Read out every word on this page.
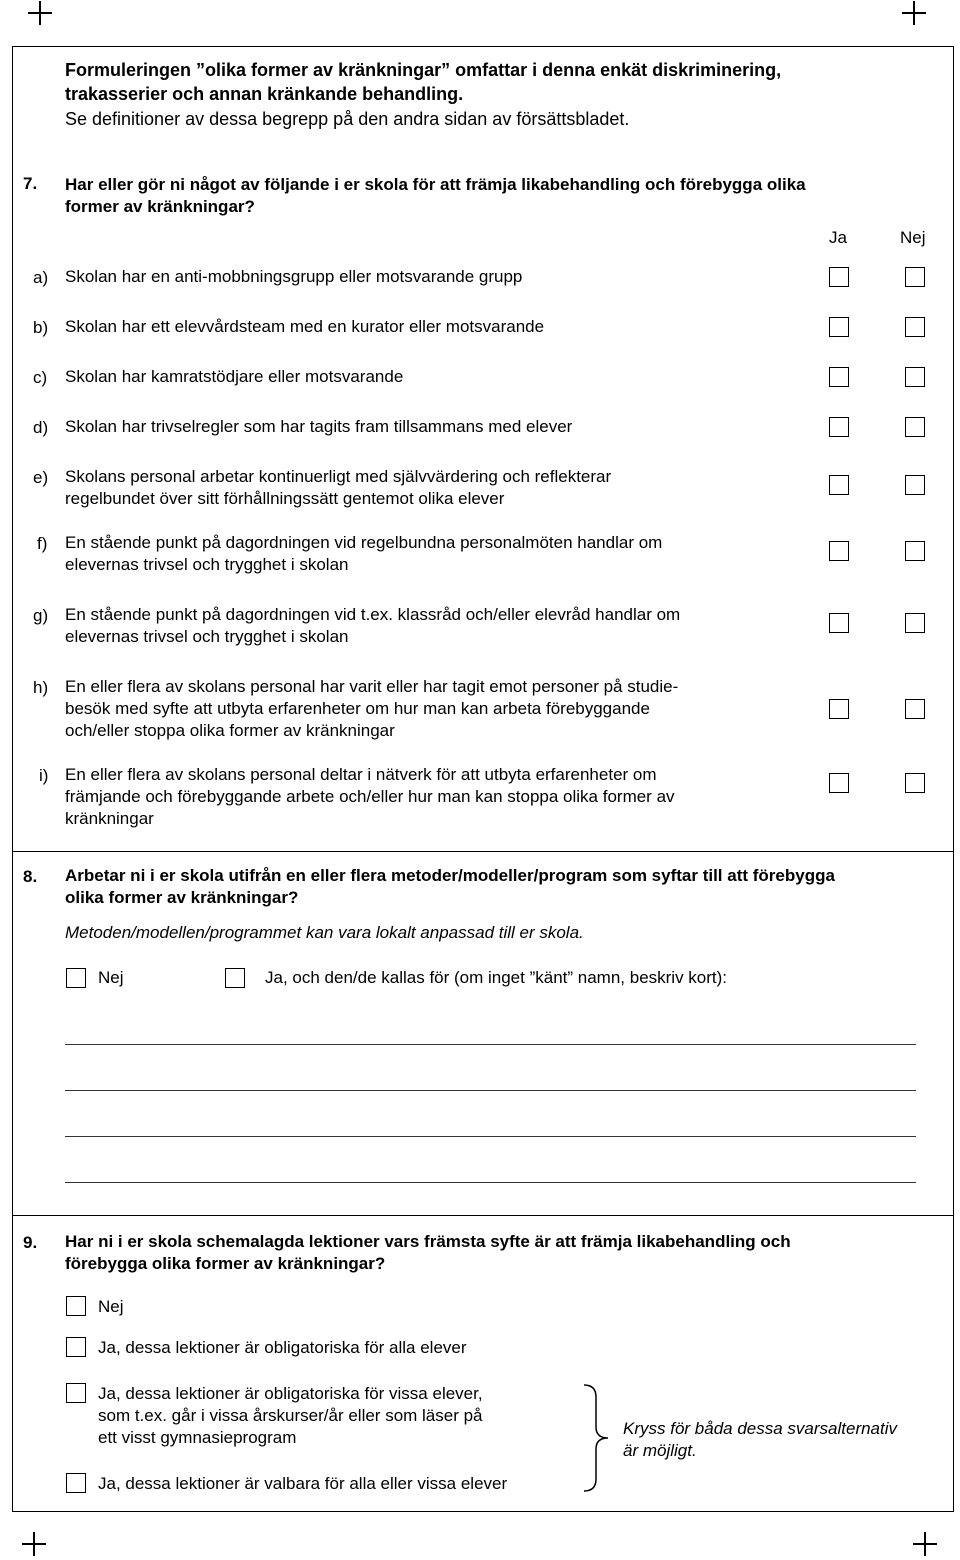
Formuleringen ”olika former av kränkningar” omfattar i denna enkät diskriminering,
trakasserier och annan kränkande behandling.
Se definitioner av dessa begrepp på den andra sidan av försättsbladet.
7. Har eller gör ni något av följande i er skola för att främja likabehandling och förebygga olika
former av kränkningar?
Ja	Nej
a) Skolan har en anti-mobbningsgrupp eller motsvarande grupp
b) Skolan har ett elevvårdsteam med en kurator eller motsvarande
c) Skolan har kamratstödjare eller motsvarande
d) Skolan har trivselregler som har tagits fram tillsammans med elever
e) Skolans personal arbetar kontinuerligt med självvärdering och reflekterar
regelbundet över sitt förhållningssätt gentemot olika elever
f) En stående punkt på dagordningen vid regelbundna personalmöten handlar om
elevernas trivsel och trygghet i skolan
g) En stående punkt på dagordningen vid t.ex. klassråd och/eller elevråd handlar om
elevernas trivsel och trygghet i skolan
h) En eller flera av skolans personal har varit eller har tagit emot personer på studie-
besök med syfte att utbyta erfarenheter om hur man kan arbeta förebyggande
och/eller stoppa olika former av kränkningar
i) En eller flera av skolans personal deltar i nätverk för att utbyta erfarenheter om
främjande och förebyggande arbete och/eller hur man kan stoppa olika former av
kränkningar
8. Arbetar ni i er skola utifrån en eller flera metoder/modeller/program som syftar till att förebygga
olika former av kränkningar?
Metoden/modellen/programmet kan vara lokalt anpassad till er skola.
Nej	Ja, och den/de kallas för (om inget ”känt” namn, beskriv kort):
9. Har ni i er skola schemalagda lektioner vars främsta syfte är att främja likabehandling och
förebygga olika former av kränkningar?
Nej
Ja, dessa lektioner är obligatoriska för alla elever
Ja, dessa lektioner är obligatoriska för vissa elever,
som t.ex. går i vissa årskurser/år eller som läser på
ett visst gymnasieprogram
Ja, dessa lektioner är valbara för alla eller vissa elever
Kryss för båda dessa svarsalternativ
är möjligt.
